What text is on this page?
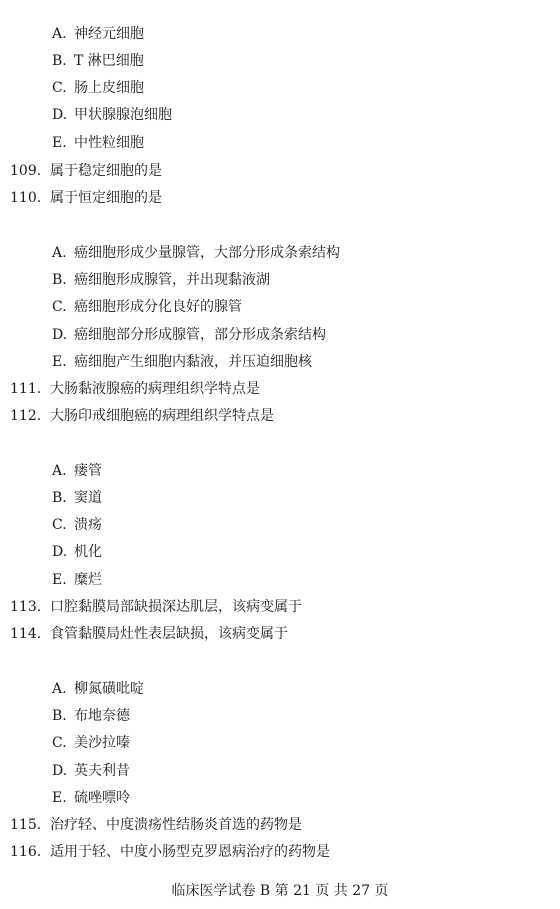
A. 神经元细胞
B. T 淋巴细胞
C. 肠上皮细胞
D. 甲状腺腺泡细胞
E. 中性粒细胞
109. 属于稳定细胞的是
110. 属于恒定细胞的是
A. 癌细胞形成少量腺管，大部分形成条索结构
B. 癌细胞形成腺管，并出现黏液湖
C. 癌细胞形成分化良好的腺管
D. 癌细胞部分形成腺管，部分形成条索结构
E. 癌细胞产生细胞内黏液，并压迫细胞核
111. 大肠黏液腺癌的病理组织学特点是
112. 大肠印戒细胞癌的病理组织学特点是
A. 瘘管
B. 窦道
C. 溃疡
D. 机化
E. 糜烂
113. 口腔黏膜局部缺损深达肌层，该病变属于
114. 食管黏膜局灶性表层缺损，该病变属于
A. 柳氮磺吡啶
B. 布地奈德
C. 美沙拉嗪
D. 英夫利昔
E. 硫唑嘌呤
115. 治疗轻、中度溃疡性结肠炎首选的药物是
116. 适用于轻、中度小肠型克罗恩病治疗的药物是
临床医学试卷 B 第 21 页 共 27 页
